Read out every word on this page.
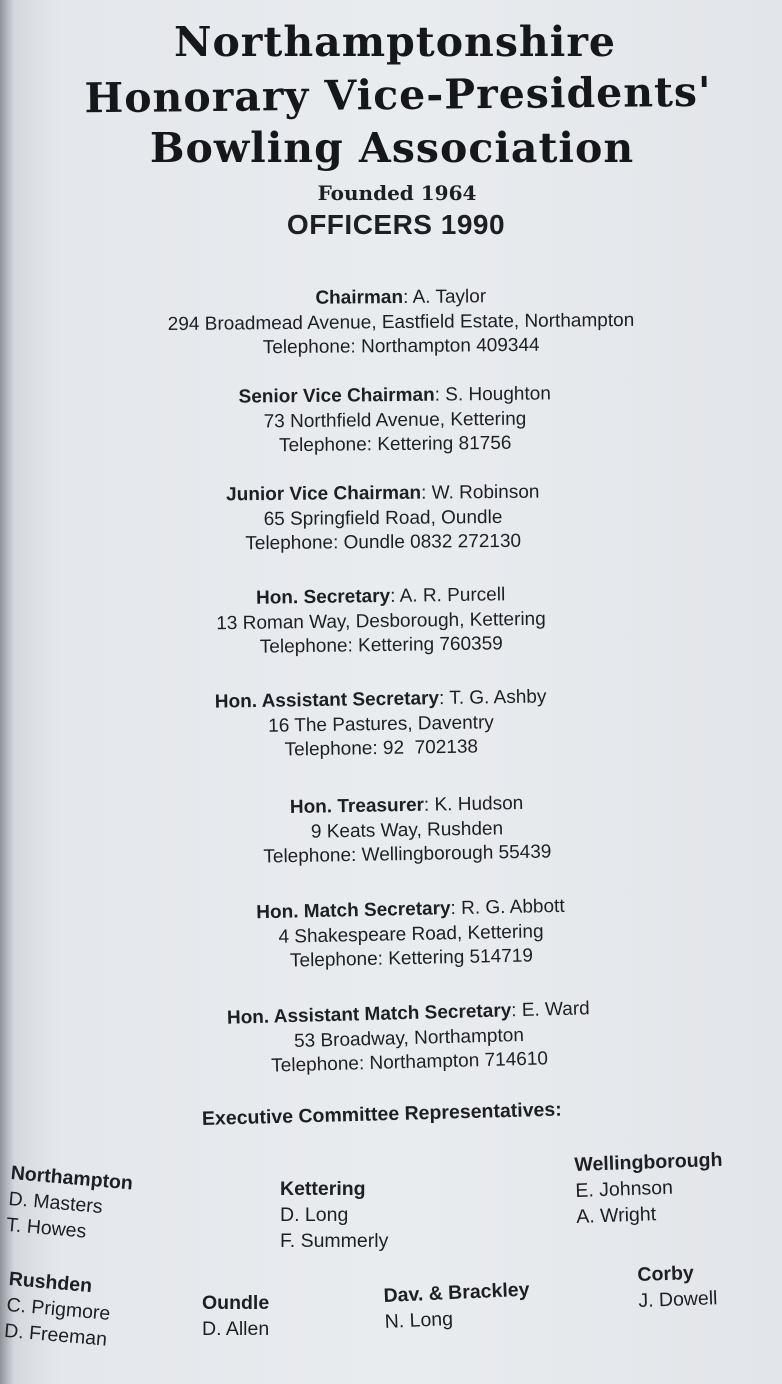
Northamptonshire
Honorary Vice-Presidents'
Bowling Association
Founded 1964
OFFICERS 1990
Chairman: A. Taylor
294 Broadmead Avenue, Eastfield Estate, Northampton
Telephone: Northampton 409344
Senior Vice Chairman: S. Houghton
73 Northfield Avenue, Kettering
Telephone: Kettering 81756
Junior Vice Chairman: W. Robinson
65 Springfield Road, Oundle
Telephone: Oundle 0832 272130
Hon. Secretary: A. R. Purcell
13 Roman Way, Desborough, Kettering
Telephone: Kettering 760359
Hon. Assistant Secretary: T. G. Ashby
16 The Pastures, Daventry
Telephone: 92  702138
Hon. Treasurer: K. Hudson
9 Keats Way, Rushden
Telephone: Wellingborough 55439
Hon. Match Secretary: R. G. Abbott
4 Shakespeare Road, Kettering
Telephone: Kettering 514719
Hon. Assistant Match Secretary: E. Ward
53 Broadway, Northampton
Telephone: Northampton 714610
Executive Committee Representatives:
Northampton
D. Masters
T. Howes
Kettering
D. Long
F. Summerly
Wellingborough
E. Johnson
A. Wright
Rushden
C. Prigmore
D. Freeman
Oundle
D. Allen
Dav. & Brackley
N. Long
Corby
J. Dowell
